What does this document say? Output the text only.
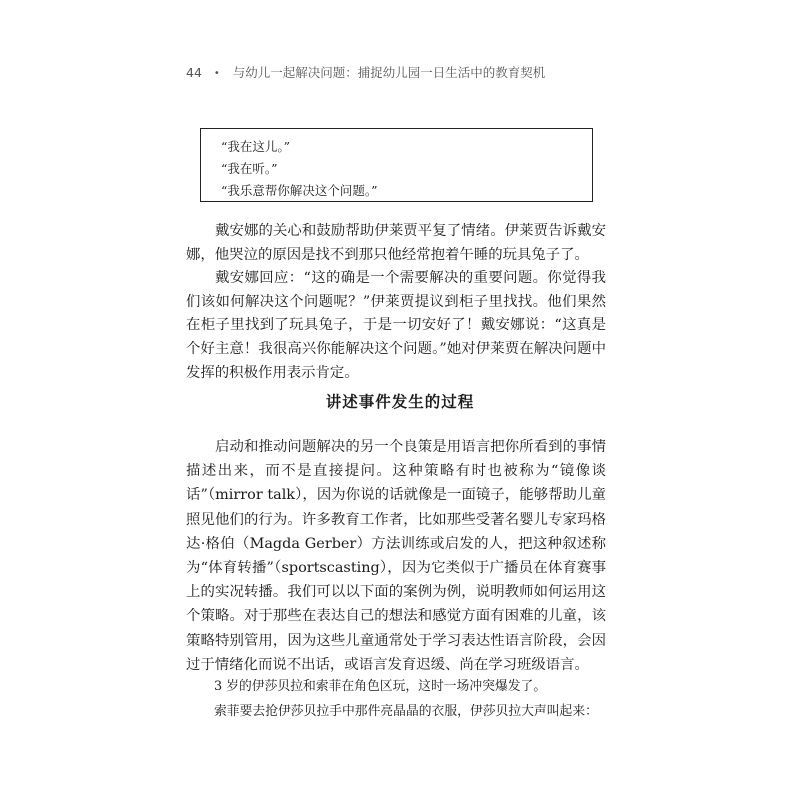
44 • 与幼儿一起解决问题：捕捉幼儿园一日生活中的教育契机
“我在这儿。”
“我在听。”
“我乐意帮你解决这个问题。”

戴安娜的关心和鼓励帮助伊莱贾平复了情绪。伊莱贾告诉戴安娜，他哭泣的原因是找不到那只他经常抱着午睡的玩具兔子了。

戴安娜回应：“这的确是一个需要解决的重要问题。你觉得我们该如何解决这个问题呢？”伊莱贾提议到柜子里找找。他们果然在柜子里找到了玩具兔子，于是一切安好了！戴安娜说：“这真是个好主意！我很高兴你能解决这个问题。”她对伊莱贾在解决问题中发挥的积极作用表示肯定。

讲述事件发生的过程

启动和推动问题解决的另一个良策是用语言把你所看到的事情描述出来，而不是直接提问。这种策略有时也被称为“镜像谈话”（mirror talk），因为你说的话就像是一面镜子，能够帮助儿童照见他们的行为。许多教育工作者，比如那些受著名婴儿专家玛格达·格伯（Magda Gerber）方法训练或启发的人，把这种叙述称为“体育转播”（sportscasting），因为它类似于广播员在体育赛事上的实况转播。我们可以以下面的案例为例，说明教师如何运用这个策略。对于那些在表达自己的想法和感觉方面有困难的儿童，该策略特别管用，因为这些儿童通常处于学习表达性语言阶段，会因过于情绪化而说不出话，或语言发育迟缓、尚在学习班级语言。

3 岁的伊莎贝拉和索菲在角色区玩，这时一场冲突爆发了。

索菲要去抢伊莎贝拉手中那件亮晶晶的衣服，伊莎贝拉大声叫起来：
